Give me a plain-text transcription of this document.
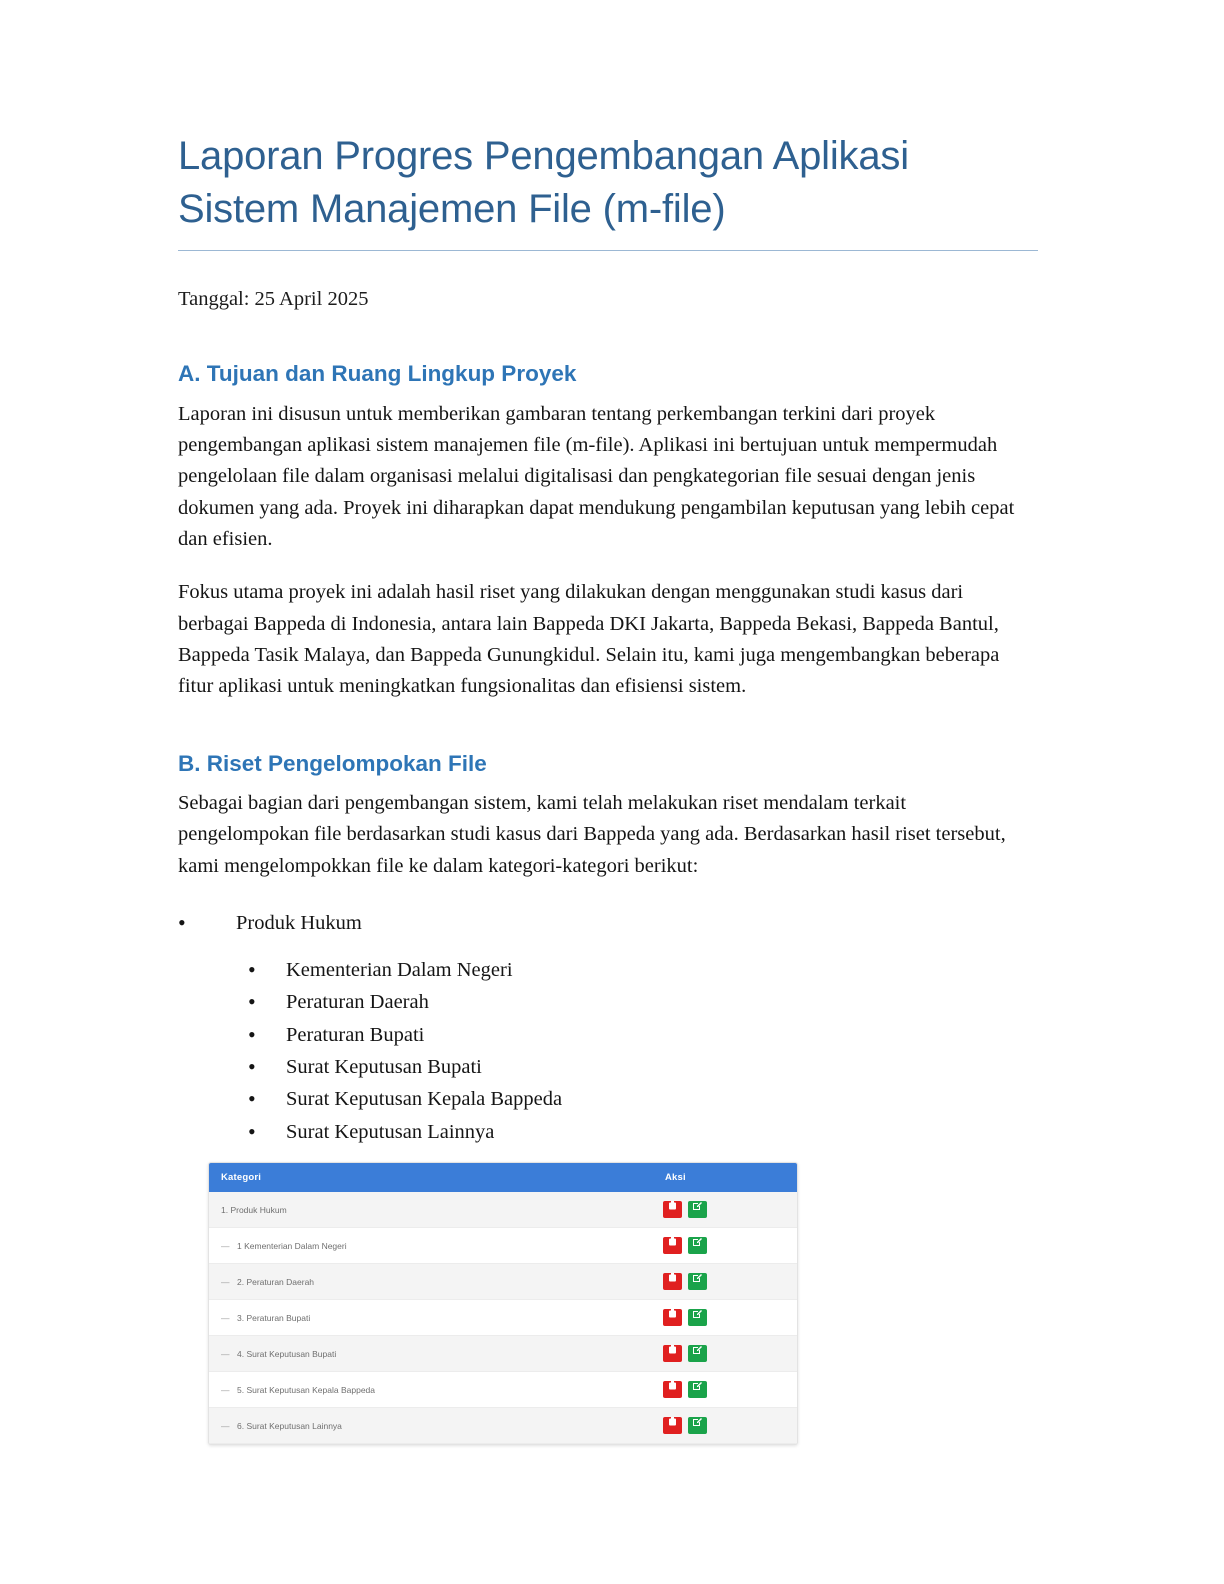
Laporan Progres Pengembangan Aplikasi Sistem Manajemen File (m-file)
Tanggal: 25 April 2025
A. Tujuan dan Ruang Lingkup Proyek

Laporan ini disusun untuk memberikan gambaran tentang perkembangan terkini dari proyek pengembangan aplikasi sistem manajemen file (m-file). Aplikasi ini bertujuan untuk mempermudah pengelolaan file dalam organisasi melalui digitalisasi dan pengkategorian file sesuai dengan jenis dokumen yang ada. Proyek ini diharapkan dapat mendukung pengambilan keputusan yang lebih cepat dan efisien.

Fokus utama proyek ini adalah hasil riset yang dilakukan dengan menggunakan studi kasus dari berbagai Bappeda di Indonesia, antara lain Bappeda DKI Jakarta, Bappeda Bekasi, Bappeda Bantul, Bappeda Tasik Malaya, dan Bappeda Gunungkidul. Selain itu, kami juga mengembangkan beberapa fitur aplikasi untuk meningkatkan fungsionalitas dan efisiensi sistem.

B. Riset Pengelompokan File

Sebagai bagian dari pengembangan sistem, kami telah melakukan riset mendalam terkait pengelompokan file berdasarkan studi kasus dari Bappeda yang ada. Berdasarkan hasil riset tersebut, kami mengelompokkan file ke dalam kategori-kategori berikut:

• Produk Hukum
• Kementerian Dalam Negeri
• Peraturan Daerah
• Peraturan Bupati
• Surat Keputusan Bupati
• Surat Keputusan Kepala Bappeda
• Surat Keputusan Lainnya
Kategori	Aksi
1. Produk Hukum	

— 1 Kementerian Dalam Negeri	

— 2. Peraturan Daerah	

— 3. Peraturan Bupati	

— 4. Surat Keputusan Bupati	

— 5. Surat Keputusan Kepala Bappeda	

— 6. Surat Keputusan Lainnya	
